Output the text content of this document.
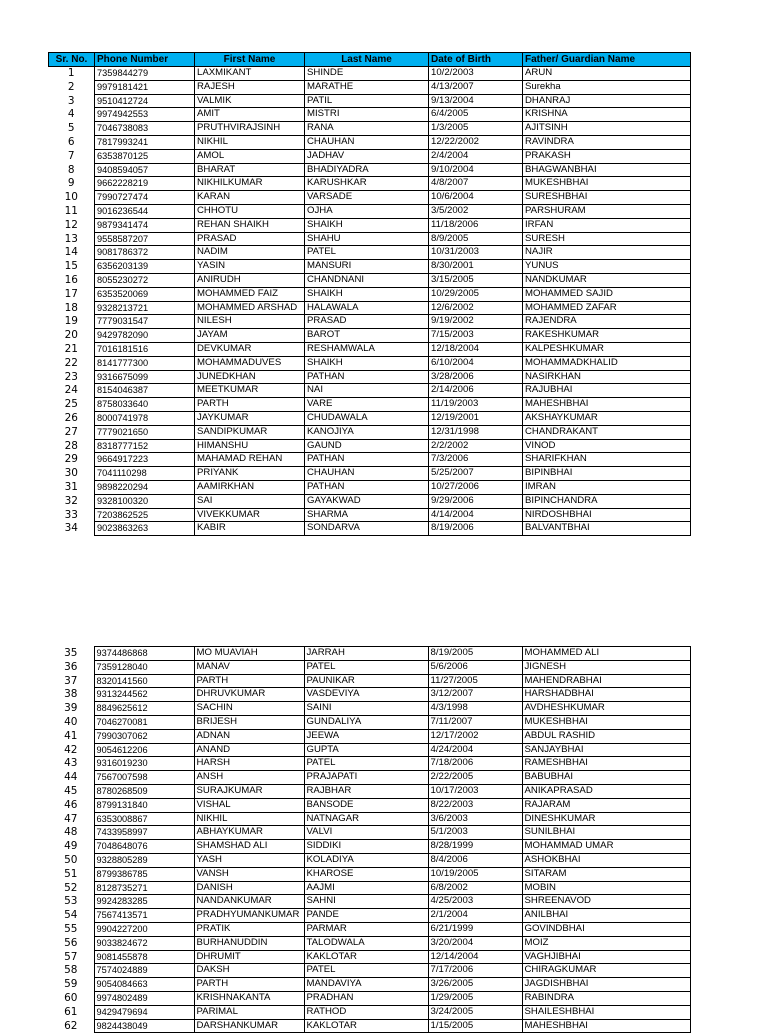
Sr. No.	Phone Number	First Name	Last Name	Date of Birth	Father/ Guardian Name
1	7359844279	LAXMIKANT	SHINDE	10/2/2003	ARUN
2	9979181421	RAJESH	MARATHE	4/13/2007	Surekha
3	9510412724	VALMIK	PATIL	9/13/2004	DHANRAJ
4	9974942553	AMIT	MISTRI	6/4/2005	KRISHNA
5	7046738083	PRUTHVIRAJSINH	RANA	1/3/2005	AJITSINH
6	7817993241	NIKHIL	CHAUHAN	12/22/2002	RAVINDRA
7	6353870125	AMOL	JADHAV	2/4/2004	PRAKASH
8	9408594057	BHARAT	BHADIYADRA	9/10/2004	BHAGWANBHAI
9	9662228219	NIKHILKUMAR	KARUSHKAR	4/8/2007	MUKESHBHAI
10	7990727474	KARAN	VARSADE	10/6/2004	SURESHBHAI
11	9016236544	CHHOTU	OJHA	3/5/2002	PARSHURAM
12	9879341474	REHAN SHAIKH	SHAIKH	11/18/2006	IRFAN
13	9558587207	PRASAD	SHAHU	8/9/2005	SURESH
14	9081786372	NADIM	PATEL	10/31/2003	NAJIR
15	6356203139	YASIN	MANSURI	8/30/2001	YUNUS
16	8055230272	ANIRUDH	CHANDNANI	3/15/2005	NANDKUMAR
17	6353520069	MOHAMMED FAIZ	SHAIKH	10/29/2005	MOHAMMED SAJID
18	9328213721	MOHAMMED ARSHAD	HALAWALA	12/6/2002	MOHAMMED ZAFAR
19	7779031547	NILESH	PRASAD	9/19/2002	RAJENDRA
20	9429782090	JAYAM	BAROT	7/15/2003	RAKESHKUMAR
21	7016181516	DEVKUMAR	RESHAMWALA	12/18/2004	KALPESHKUMAR
22	8141777300	MOHAMMADUVES	SHAIKH	6/10/2004	MOHAMMADKHALID
23	9316675099	JUNEDKHAN	PATHAN	3/28/2006	NASIRKHAN
24	8154046387	MEETKUMAR	NAI	2/14/2006	RAJUBHAI
25	8758033640	PARTH	VARE	11/19/2003	MAHESHBHAI
26	8000741978	JAYKUMAR	CHUDAWALA	12/19/2001	AKSHAYKUMAR
27	7779021650	SANDIPKUMAR	KANOJIYA	12/31/1998	CHANDRAKANT
28	8318777152	HIMANSHU	GAUND	2/2/2002	VINOD
29	9664917223	MAHAMAD REHAN	PATHAN	7/3/2006	SHARIFKHAN
30	7041110298	PRIYANK	CHAUHAN	5/25/2007	BIPINBHAI
31	9898220294	AAMIRKHAN	PATHAN	10/27/2006	IMRAN
32	9328100320	SAI	GAYAKWAD	9/29/2006	BIPINCHANDRA
33	7203862525	VIVEKKUMAR	SHARMA	4/14/2004	NIRDOSHBHAI
34	9023863263	KABIR	SONDARVA	8/19/2006	BALVANTBHAI
35	9374486868	MO MUAVIAH	JARRAH	8/19/2005	MOHAMMED ALI
36	7359128040	MANAV	PATEL	5/6/2006	JIGNESH
37	8320141560	PARTH	PAUNIKAR	11/27/2005	MAHENDRABHAI
38	9313244562	DHRUVKUMAR	VASDEVIYA	3/12/2007	HARSHADBHAI
39	8849625612	SACHIN	SAINI	4/3/1998	AVDHESHKUMAR
40	7046270081	BRIJESH	GUNDALIYA	7/11/2007	MUKESHBHAI
41	7990307062	ADNAN	JEEWA	12/17/2002	ABDUL RASHID
42	9054612206	ANAND	GUPTA	4/24/2004	SANJAYBHAI
43	9316019230	HARSH	PATEL	7/18/2006	RAMESHBHAI
44	7567007598	ANSH	PRAJAPATI	2/22/2005	BABUBHAI
45	8780268509	SURAJKUMAR	RAJBHAR	10/17/2003	ANIKAPRASAD
46	8799131840	VISHAL	BANSODE	8/22/2003	RAJARAM
47	6353008867	NIKHIL	NATNAGAR	3/6/2003	DINESHKUMAR
48	7433958997	ABHAYKUMAR	VALVI	5/1/2003	SUNILBHAI
49	7048648076	SHAMSHAD ALI	SIDDIKI	8/28/1999	MOHAMMAD UMAR
50	9328805289	YASH	KOLADIYA	8/4/2006	ASHOKBHAI
51	8799386785	VANSH	KHAROSE	10/19/2005	SITARAM
52	8128735271	DANISH	AAJMI	6/8/2002	MOBIN
53	9924283285	NANDANKUMAR	SAHNI	4/25/2003	SHREENAVOD
54	7567413571	PRADHYUMANKUMAR	PANDE	2/1/2004	ANILBHAI
55	9904227200	PRATIK	PARMAR	6/21/1999	GOVINDBHAI
56	9033824672	BURHANUDDIN	TALODWALA	3/20/2004	MOIZ
57	9081455878	DHRUMIT	KAKLOTAR	12/14/2004	VAGHJIBHAI
58	7574024889	DAKSH	PATEL	7/17/2006	CHIRAGKUMAR
59	9054084663	PARTH	MANDAVIYA	3/26/2005	JAGDISHBHAI
60	9974802489	KRISHNAKANTA	PRADHAN	1/29/2005	RABINDRA
61	9429479694	PARIMAL	RATHOD	3/24/2005	SHAILESHBHAI
62	9824438049	DARSHANKUMAR	KAKLOTAR	1/15/2005	MAHESHBHAI
